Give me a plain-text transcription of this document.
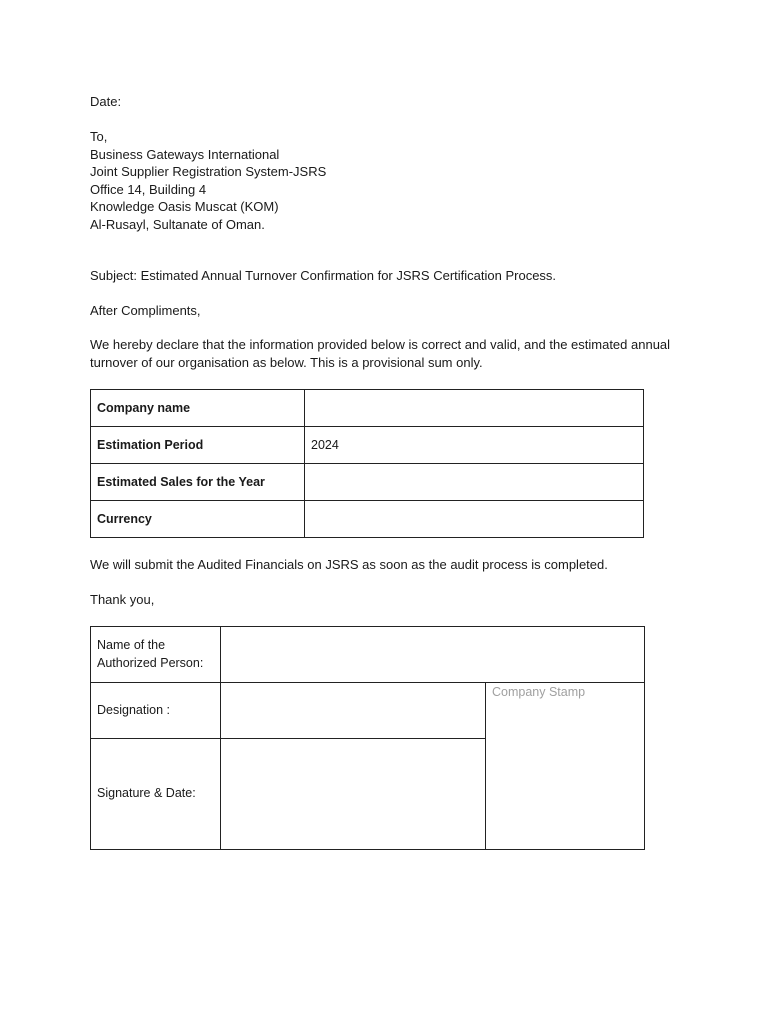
Date:

To,
Business Gateways International
Joint Supplier Registration System-JSRS
Office 14, Building 4
Knowledge Oasis Muscat (KOM)
Al-Rusayl, Sultanate of Oman.

Subject: Estimated Annual Turnover Confirmation for JSRS Certification Process.

After Compliments,

We hereby declare that the information provided below is correct and valid, and the estimated annual
turnover of our organisation as below. This is a provisional sum only.

Company name	
Estimation Period	2024
Estimated Sales for the Year	
Currency	

We will submit the Audited Financials on JSRS as soon as the audit process is completed.

Thank you,

Name of the
Authorized Person:		

Designation :		Company Stamp
Signature & Date:		
